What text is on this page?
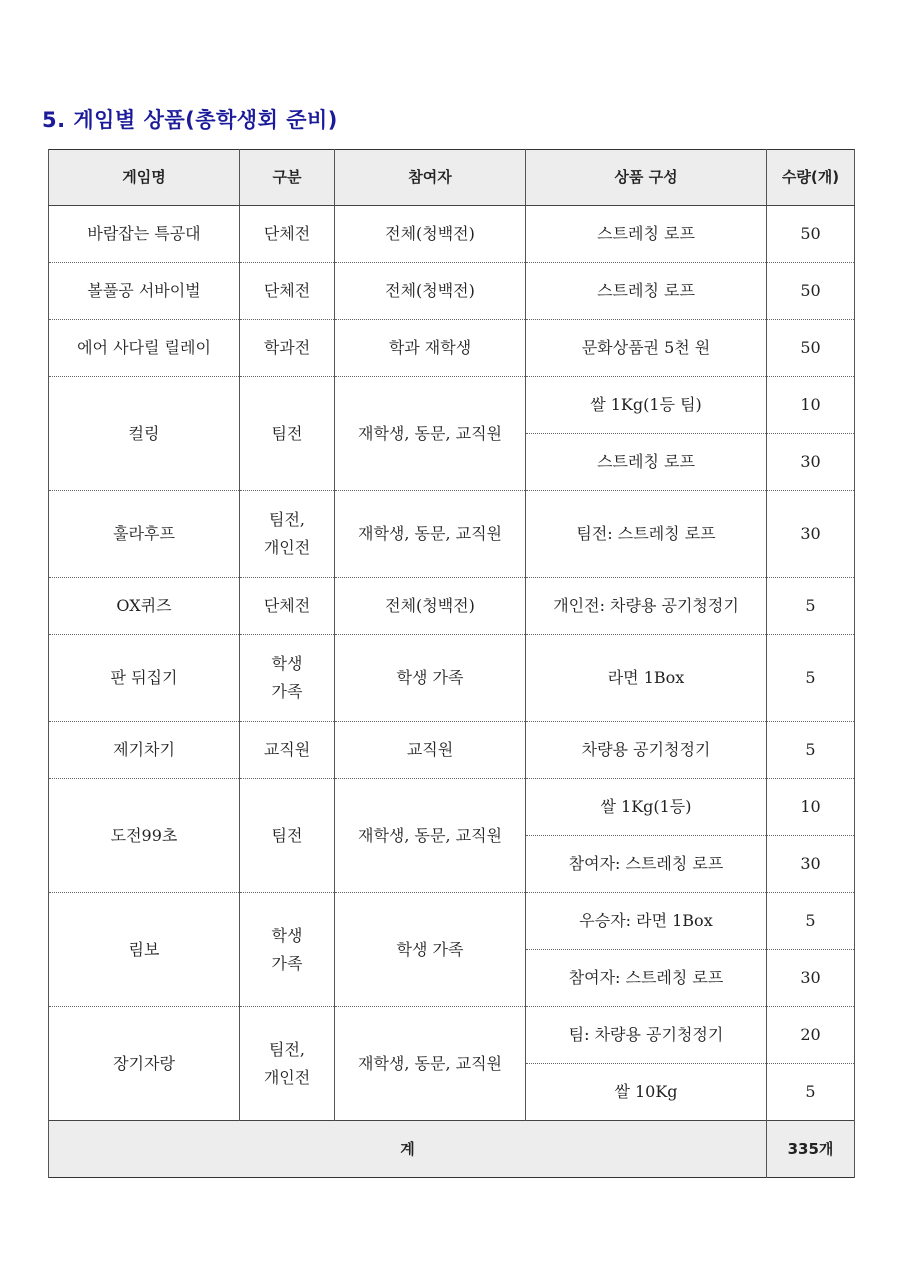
5. 게임별 상품(총학생회 준비)
게임명	구분	참여자	상품 구성	수량(개)
바람잡는 특공대	단체전	전체(청백전)	스트레칭 로프	50
볼풀공 서바이벌	단체전	전체(청백전)	스트레칭 로프	50
에어 사다릴 릴레이	학과전	학과 재학생	문화상품권 5천 원	50
컬링	팀전	재학생, 동문, 교직원	쌀 1Kg(1등 팀)	10
			스트레칭 로프	30
훌라후프	팀전,
개인전	재학생, 동문, 교직원	팀전: 스트레칭 로프	30
OX퀴즈	단체전	전체(청백전)	개인전: 차량용 공기청정기	5
판 뒤집기	학생
가족	학생 가족	라면 1Box	5
제기차기	교직원	교직원	차량용 공기청정기	5
도전99초	팀전	재학생, 동문, 교직원	쌀 1Kg(1등)	10
			참여자: 스트레칭 로프	30
림보	학생
가족	학생 가족	우승자: 라면 1Box	5
			참여자: 스트레칭 로프	30
장기자랑	팀전,
개인전	재학생, 동문, 교직원	팀: 차량용 공기청정기	20
			쌀 10Kg	5
계				335개
